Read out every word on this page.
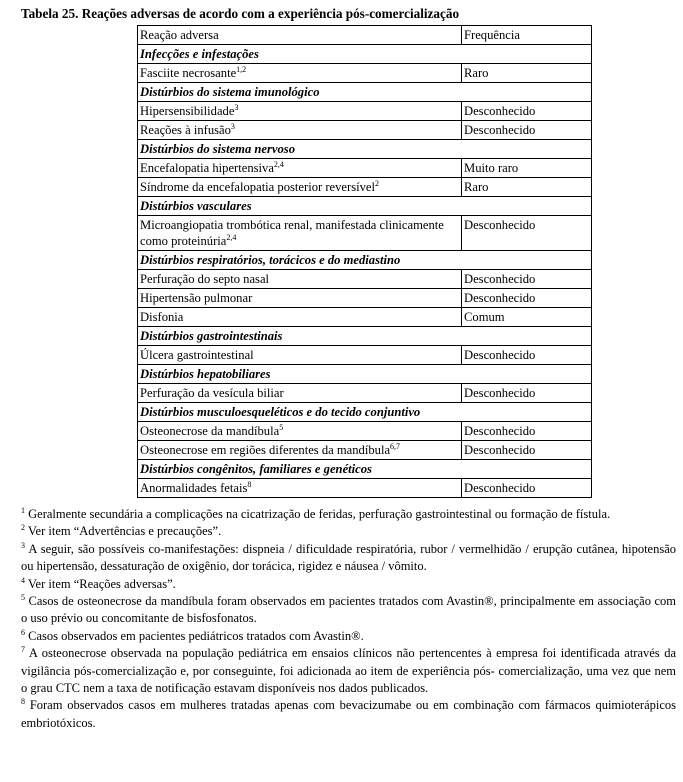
Tabela 25. Reações adversas de acordo com a experiência pós-comercialização

Reação adversa	Frequência
Infecções e infestações	
Fasciite necrosante$^{1,2}$	Raro
Distúrbios do sistema imunológico	
Hipersensibilidade$^3$	Desconhecido
Reações à infusão$^3$	Desconhecido
Distúrbios do sistema nervoso	
Encefalopatia hipertensiva$^{2,4}$	Muito raro
Síndrome da encefalopatia posterior reversível$^2$	Raro
Distúrbios vasculares	
Microangiopatia trombótica renal, manifestada clinicamente como proteinúria$^{2,4}$	Desconhecido
Distúrbios respiratórios, torácicos e do mediastino	
Perfuração do septo nasal	Desconhecido
Hipertensão pulmonar	Desconhecido
Disfonia	Comum
Distúrbios gastrointestinais	
Úlcera gastrointestinal	Desconhecido
Distúrbios hepatobiliares	
Perfuração da vesícula biliar	Desconhecido
Distúrbios musculoesqueléticos e do tecido conjuntivo	
Osteonecrose da mandíbula$^5$	Desconhecido
Osteonecrose em regiões diferentes da mandíbula$^{6,7}$	Desconhecido
Distúrbios congênitos, familiares e genéticos	
Anormalidades fetais$^8$	Desconhecido

$^1$ Geralmente secundária a complicações na cicatrização de feridas, perfuração gastrointestinal ou formação de fístula.

$^2$ Ver item “Advertências e precauções”.

$^3$ A seguir, são possíveis co-manifestações: dispneia / dificuldade respiratória, rubor / vermelhidão / erupção cutânea, hipotensão ou hipertensão, dessaturação de oxigênio, dor torácica, rigidez e náusea / vômito.

$^4$ Ver item “Reações adversas”.

$^5$ Casos de osteonecrose da mandíbula foram observados em pacientes tratados com Avastin®, principalmente em associação com o uso prévio ou concomitante de bisfosfonatos.

$^6$ Casos observados em pacientes pediátricos tratados com Avastin®.

$^7$ A osteonecrose observada na população pediátrica em ensaios clínicos não pertencentes à empresa foi identificada através da vigilância pós-comercialização e, por conseguinte, foi adicionada ao item de experiência pós- comercialização, uma vez que nem o grau CTC nem a taxa de notificação estavam disponíveis nos dados publicados.

$^8$ Foram observados casos em mulheres tratadas apenas com bevacizumabe ou em combinação com fármacos quimioterápicos embriotóxicos.
